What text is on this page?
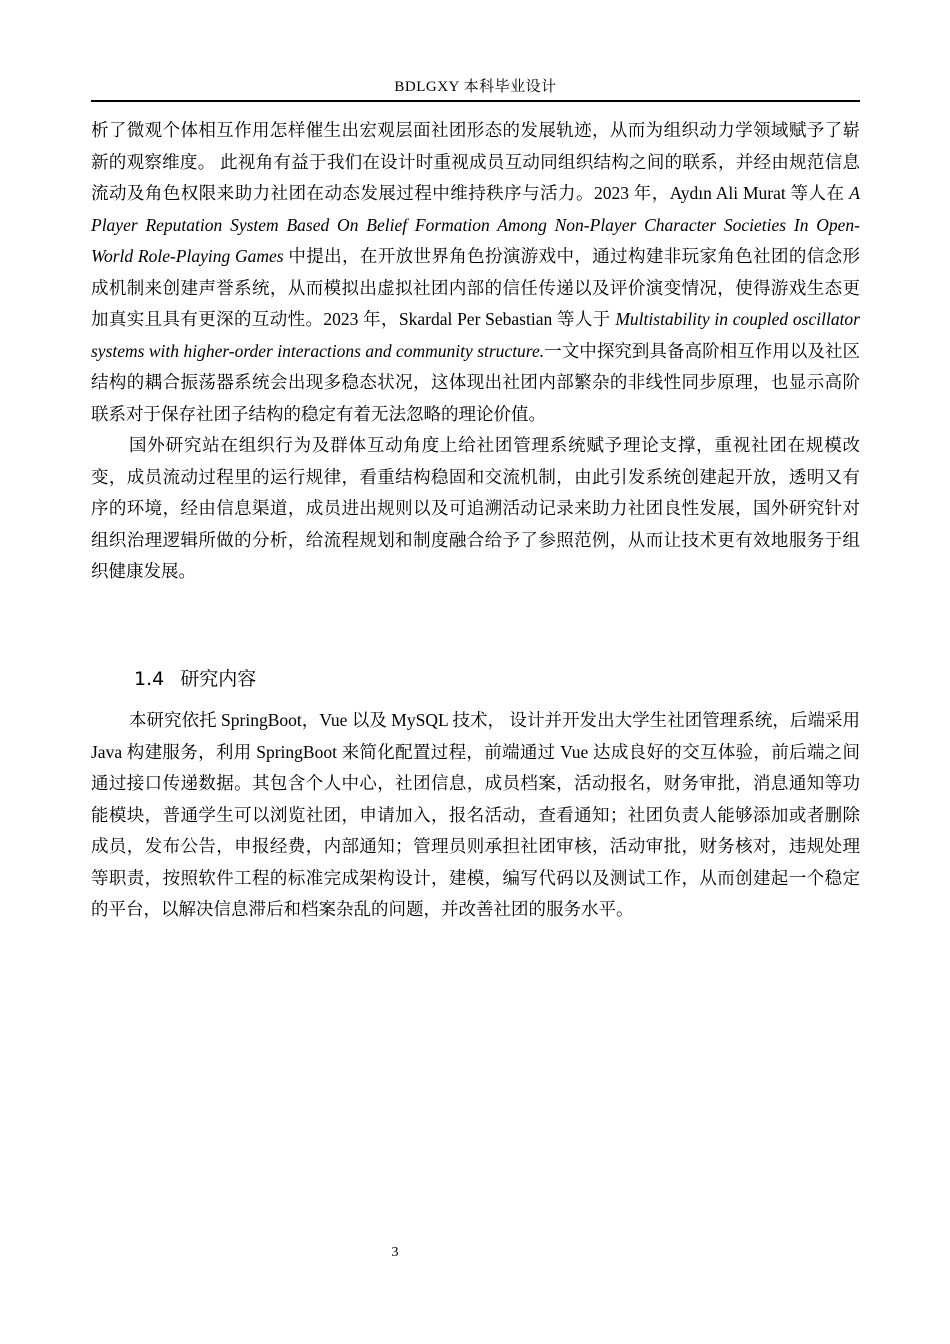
BDLGXY 本科毕业设计

析了微观个体相互作用怎样催生出宏观层面社团形态的发展轨迹，从而为组织动力学领域赋予了崭新的观察维度。 此视角有益于我们在设计时重视成员互动同组织结构之间的联系，并经由规范信息流动及角色权限来助力社团在动态发展过程中维持秩序与活力。2023 年，Aydın Ali Murat 等人在 A Player Reputation System Based On Belief Formation Among Non-Player Character Societies In Open-World Role-Playing Games 中提出，在开放世界角色扮演游戏中，通过构建非玩家角色社团的信念形成机制来创建声誉系统，从而模拟出虚拟社团内部的信任传递以及评价演变情况，使得游戏生态更加真实且具有更深的互动性。2023 年，Skardal Per Sebastian 等人于 Multistability in coupled oscillator systems with higher-order interactions and community structure.一文中探究到具备高阶相互作用以及社区结构的耦合振荡器系统会出现多稳态状况，这体现出社团内部繁杂的非线性同步原理，也显示高阶联系对于保存社团子结构的稳定有着无法忽略的理论价值。

国外研究站在组织行为及群体互动角度上给社团管理系统赋予理论支撑，重视社团在规模改变，成员流动过程里的运行规律，看重结构稳固和交流机制，由此引发系统创建起开放，透明又有序的环境，经由信息渠道，成员进出规则以及可追溯活动记录来助力社团良性发展，国外研究针对组织治理逻辑所做的分析，给流程规划和制度融合给予了参照范例，从而让技术更有效地服务于组织健康发展。

1.4 研究内容

本研究依托 SpringBoot，Vue 以及 MySQL 技术， 设计并开发出大学生社团管理系统，后端采用 Java 构建服务，利用 SpringBoot 来简化配置过程，前端通过 Vue 达成良好的交互体验，前后端之间通过接口传递数据。其包含个人中心，社团信息，成员档案，活动报名，财务审批，消息通知等功能模块，普通学生可以浏览社团，申请加入，报名活动，查看通知；社团负责人能够添加或者删除成员，发布公告，申报经费，内部通知；管理员则承担社团审核，活动审批，财务核对，违规处理等职责，按照软件工程的标准完成架构设计，建模，编写代码以及测试工作，从而创建起一个稳定的平台，以解决信息滞后和档案杂乱的问题，并改善社团的服务水平。

3
